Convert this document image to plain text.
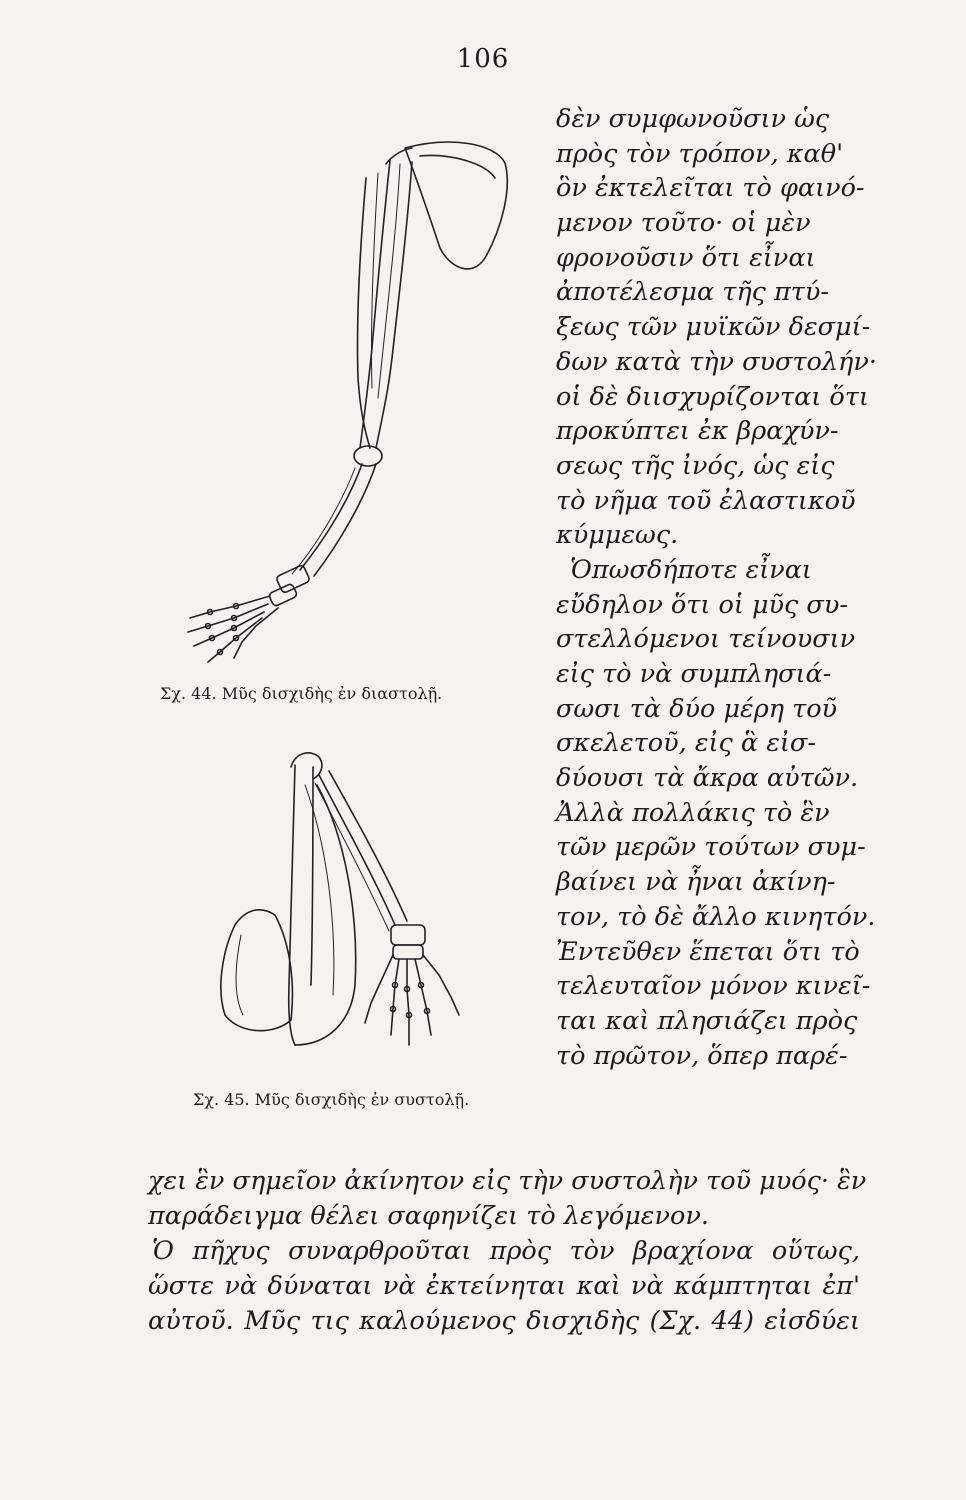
106
Σχ. 44. Μῦς δισχιδὴς ἐν διαστολῇ.
Σχ. 45. Μῦς δισχιδὴς ἐν συστολῇ.
δὲν συμφωνοῦσιν ὡς
πρὸς τὸν τρόπον, καθ'
ὃν ἐκτελεῖται τὸ φαινό-
μενον τοῦτο· οἱ μὲν
φρονοῦσιν ὅτι εἶναι
ἀποτέλεσμα τῆς πτύ-
ξεως τῶν μυϊκῶν δεσμί-
δων κατὰ τὴν συστολήν·
οἱ δὲ διισχυρίζονται ὅτι
προκύπτει ἐκ βραχύν-
σεως τῆς ἰνός, ὡς εἰς
τὸ νῆμα τοῦ ἐλαστικοῦ
κύμμεως.
Ὁπωσδήποτε εἶναι
εὔδηλον ὅτι οἱ μῦς συ-
στελλόμενοι τείνουσιν
εἰς τὸ νὰ συμπλησιά-
σωσι τὰ δύο μέρη τοῦ
σκελετοῦ, εἰς ἃ εἰσ-
δύουσι τὰ ἄκρα αὐτῶν.
Ἀλλὰ πολλάκις τὸ ἓν
τῶν μερῶν τούτων συμ-
βαίνει νὰ ἦναι ἀκίνη-
τον, τὸ δὲ ἄλλο κινητόν.
Ἐντεῦθεν ἕπεται ὅτι τὸ
τελευταῖον μόνον κινεῖ-
ται καὶ πλησιάζει πρὸς
τὸ πρῶτον, ὅπερ παρέ-
χει ἓν σημεῖον ἀκίνητον εἰς τὴν συστολὴν τοῦ μυός· ἓν
παράδειγμα θέλει σαφηνίζει τὸ λεγόμενον.
Ὁ πῆχυς συναρθροῦται πρὸς τὸν βραχίονα οὕτως,
ὥστε νὰ δύναται νὰ ἐκτείνηται καὶ νὰ κάμπτηται ἐπ'
αὐτοῦ. Μῦς τις καλούμενος δισχιδὴς (Σχ. 44) εἰσδύει
